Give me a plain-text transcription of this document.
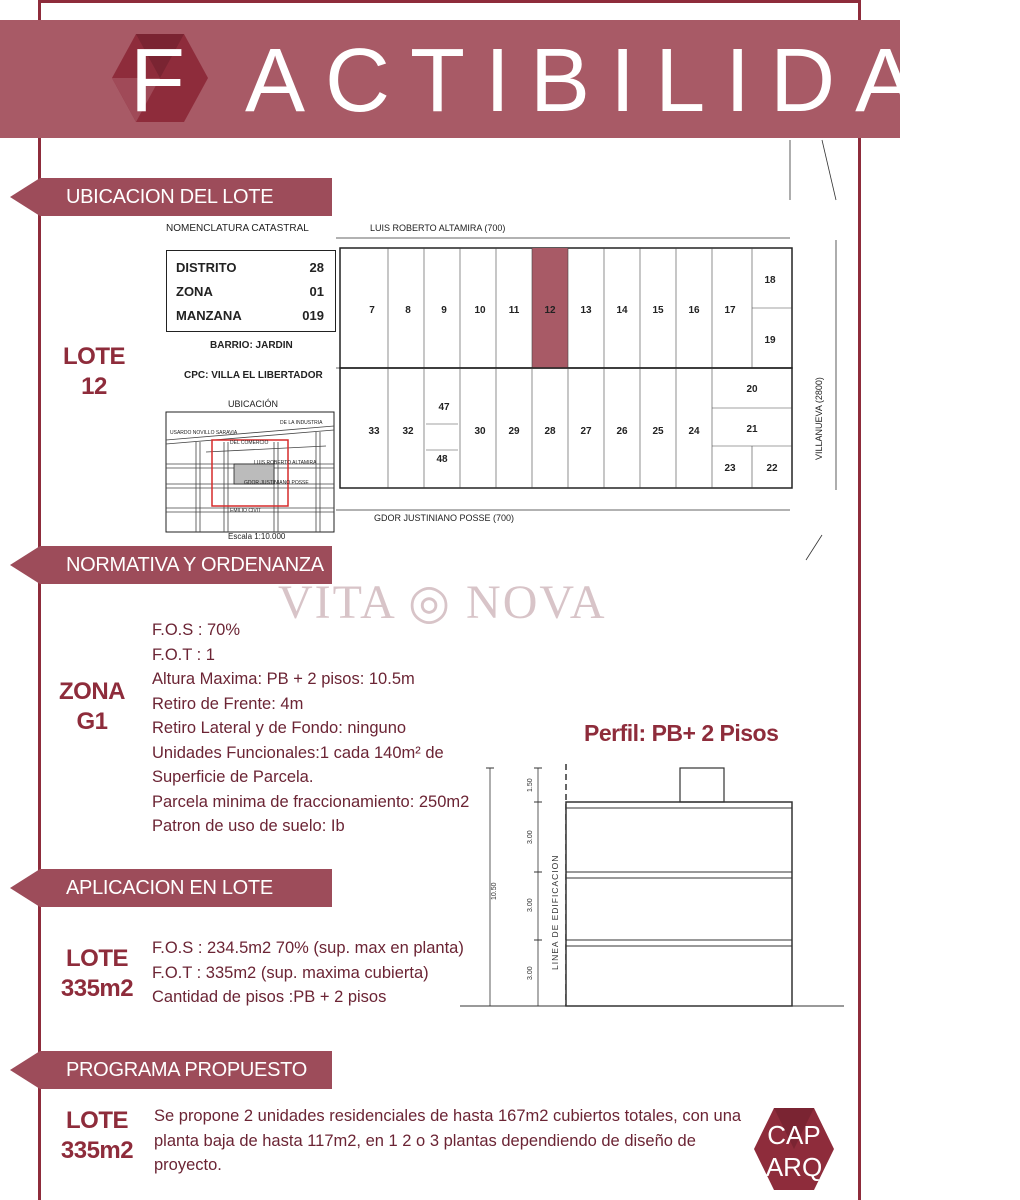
F ACTIBILIDAD
UBICACION DEL LOTE
NORMATIVA Y ORDENANZA
APLICACION EN LOTE
PROGRAMA PROPUESTO
LOTE
12
ZONA
G1
LOTE
335m2
LOTE
335m2
NOMENCLATURA CATASTRAL
DISTRITO	28
ZONA	01
MANZANA	019
BARRIO: JARDIN
CPC: VILLA EL LIBERTADOR
UBICACIÓN
Escala 1:10.000
USARDO NOVILLO SARAVIA
DE LA INDUSTRIA
DEL COMERCIO
LUIS ROBERTO ALTAMIRA
GDOR JUSTINIANO POSSE
EMILIO CIVIT
LUIS ROBERTO ALTAMIRA (700)
GDOR JUSTINIANO POSSE (700)
VILLANUEVA (2800)
7	8	9	10 11	12 13 14 15 16 17
18
19
33 32	30 29 28 27 26 25 24
20
21
22
23
47
48
VITA ◎ NOVA
F.O.S : 70%
F.O.T : 1
Altura Maxima: PB + 2 pisos: 10.5m
Retiro de Frente: 4m
Retiro Lateral y de Fondo: ninguno
Unidades Funcionales:1 cada 140m² de
Superficie de Parcela.
Parcela minima de fraccionamiento: 250m2
Patron de uso de suelo: Ib
Perfil: PB+ 2 Pisos
10.50
1.50
3.00
3.00
3.00
LINEA DE EDIFICACION
F.O.S : 234.5m2 70% (sup. max en planta)
F.O.T : 335m2 (sup. maxima cubierta)
Cantidad de pisos :PB + 2 pisos
Se propone 2 unidades residenciales de hasta 167m2 cubiertos totales, con una planta baja de hasta 117m2, en 1 2 o 3 plantas dependiendo de diseño de proyecto.
CAP
ARQ
